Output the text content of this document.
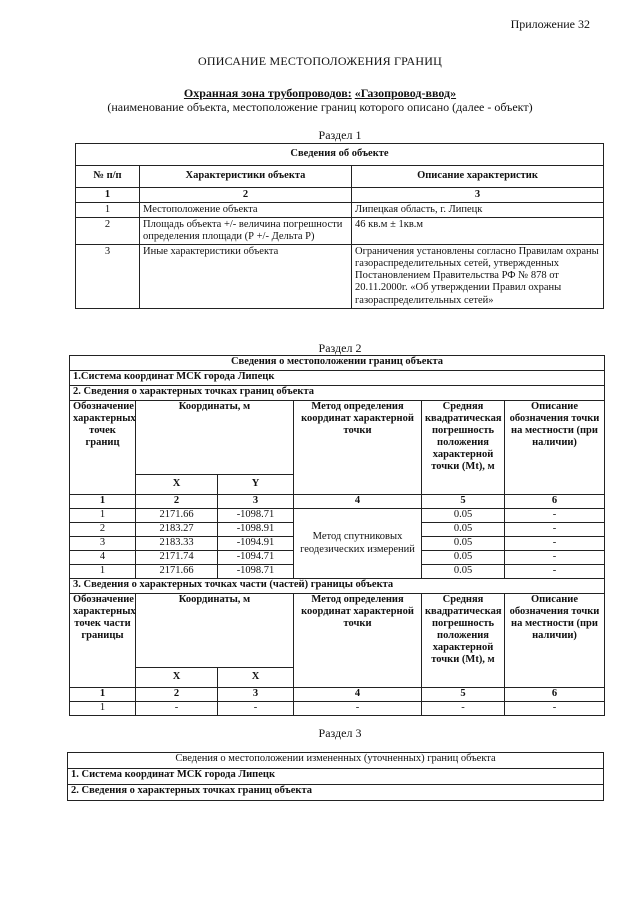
Приложение 32
ОПИСАНИЕ МЕСТОПОЛОЖЕНИЯ ГРАНИЦ
Охранная зона трубопроводов: «Газопровод-ввод»
(наименование объекта, местоположение границ которого описано (далее - объект)
Раздел 1
Сведения об объекте		
№ п/п	Характеристики объекта	Описание характеристик
1	2	3
1	Местоположение объекта	Липецкая область, г. Липецк
2	Площадь объекта +/- величина погрешности определения площади (Р +/- Дельта Р)	46 кв.м ± 1кв.м
3	Иные характеристики объекта	Ограничения установлены согласно Правилам охраны газораспределительных сетей, утвержденных Постановлением Правительства РФ № 878 от 20.11.2000г. «Об утверждении Правил охраны газораспределительных сетей»
Раздел 2
Сведения о местоположении границ объекта					
1.Система координат МСК города Липецк					
2. Сведения о характерных точках границ объекта					
Обозначение характерных точек границ	Координаты, м		Метод определения координат характерной точки	Средняя квадратическая погрешность положения характерной точки (Mt), м	Описание обозначения точки на местности (при наличии)
	X	Y			
1	2	3	4	5	6
1	2171.66	-1098.71	Метод спутниковых геодезических измерений	0.05	-
2	2183.27	-1098.91		0.05	-
3	2183.33	-1094.91		0.05	-
4	2171.74	-1094.71		0.05	-
1	2171.66	-1098.71		0.05	-
3. Сведения о характерных точках части (частей) границы объекта					
Обозначение характерных точек части границы	Координаты, м		Метод определения координат характерной точки	Средняя квадратическая погрешность положения характерной точки (Mt), м	Описание обозначения точки на местности (при наличии)
	X	X			
1	2	3	4	5	6
1	-	-	-	-	-
Раздел 3
Сведения о местоположении измененных (уточненных) границ объекта
1. Система координат МСК города Липецк
2. Сведения о характерных точках границ объекта
